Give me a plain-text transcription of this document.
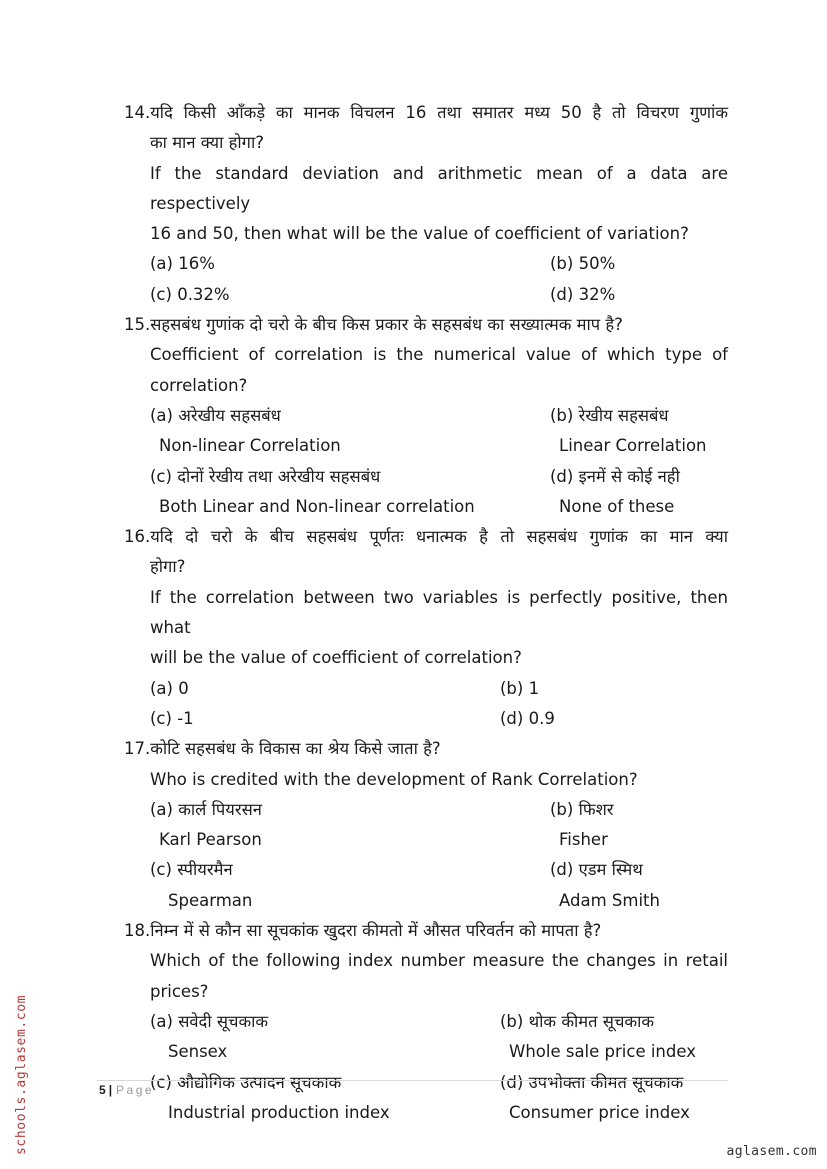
14.यदि किसी आँकड़े का मानक विचलन 16 तथा समातर मध्य 50 है तो विचरण गुणांक
का मान क्या होगा?
If the standard deviation and arithmetic mean of a data are respectively
16 and 50, then what will be the value of coefficient of variation?
(a) 16%	(b) 50%
(c) 0.32%	(d) 32%
15.सहसबंध गुणांक दो चरो के बीच किस प्रकार के सहसबंध का सख्यात्मक माप है?
Coefficient of correlation is the numerical value of which type of
correlation?
(a) अरेखीय सहसबंध	(b) रेखीय सहसबंध
Non-linear Correlation	Linear Correlation
(c) दोनों रेखीय तथा अरेखीय सहसबंध	(d) इनमें से कोई नही
Both Linear and Non-linear correlation	None of these
16.यदि दो चरो के बीच सहसबंध पूर्णतः धनात्मक है तो सहसबंध गुणांक का मान क्या
होगा?
If the correlation between two variables is perfectly positive, then what
will be the value of coefficient of correlation?
(a) 0	(b) 1
(c) -1	(d) 0.9
17.कोटि सहसबंध के विकास का श्रेय किसे जाता है?
Who is credited with the development of Rank Correlation?
(a) कार्ल पियरसन	(b) फिशर
Karl Pearson	Fisher
(c) स्पीयरमैन	(d) एडम स्मिथ
Spearman	Adam Smith
18.निम्न में से कौन सा सूचकांक खुदरा कीमतो में औसत परिवर्तन को मापता है?
Which of the following index number measure the changes in retail
prices?
(a) सवेदी सूचकाक	(b) थोक कीमत सूचकाक
Sensex	Whole sale price index
(c) औद्योगिक उत्पादन सूचकाक	(d) उपभोक्ता कीमत सूचकाक
Industrial production index	Consumer price index
5 | Page
schools.aglasem.com	aglasem.com
